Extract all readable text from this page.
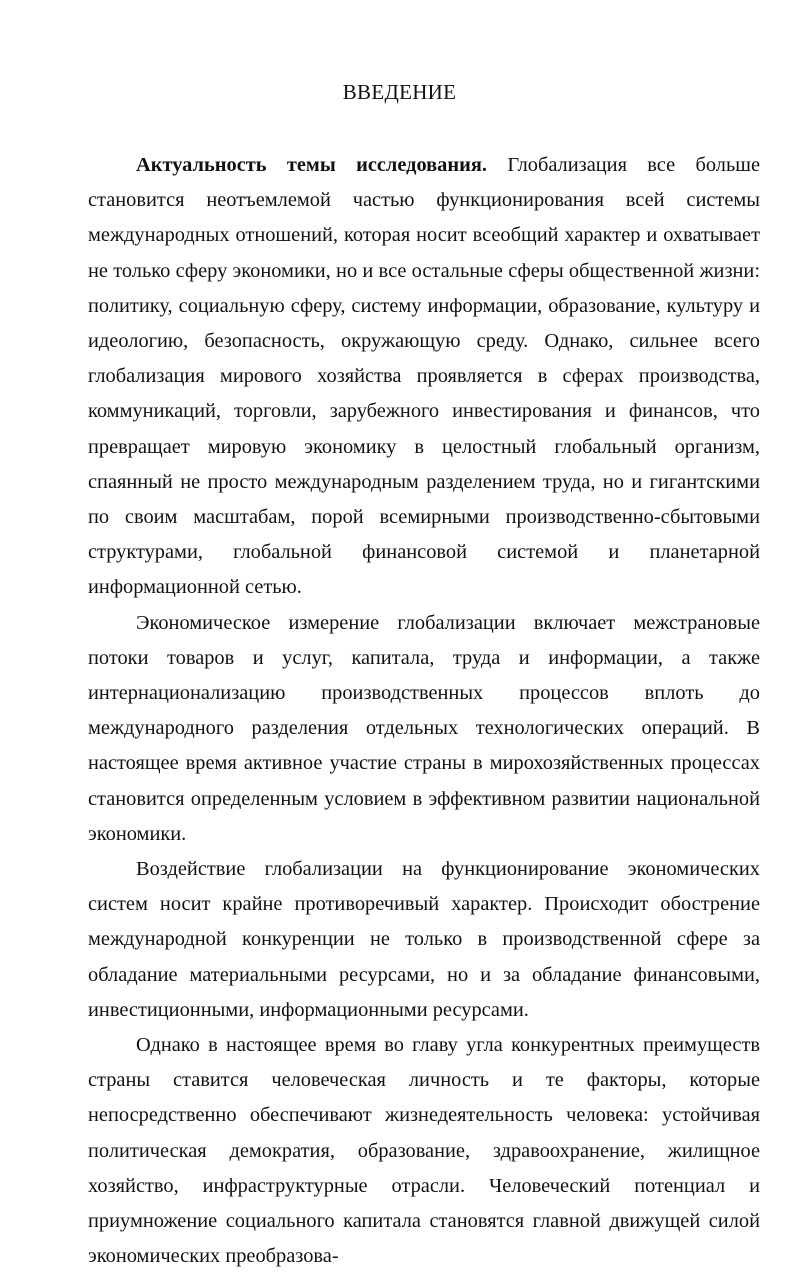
ВВЕДЕНИЕ

Актуальность темы исследования. Глобализация все больше становится неотъемлемой частью функционирования всей системы международных отношений, которая носит всеобщий характер и охватывает не только сферу экономики, но и все остальные сферы общественной жизни: политику, социальную сферу, систему информации, образование, культуру и идеологию, безопасность, окружающую среду. Однако, сильнее всего глобализация мирового хозяйства проявляется в сферах производства, коммуникаций, торговли, зарубежного инвестирования и финансов, что превращает мировую экономику в целостный глобальный организм, спаянный не просто международным разделением труда, но и гигантскими по своим масштабам, порой всемирными производственно-сбытовыми структурами, глобальной финансовой системой и планетарной информационной сетью.

Экономическое измерение глобализации включает межстрановые потоки товаров и услуг, капитала, труда и информации, а также интернационализацию производственных процессов вплоть до международного разделения отдельных технологических операций. В настоящее время активное участие страны в мирохозяйственных процессах становится определенным условием в эффективном развитии национальной экономики.

Воздействие глобализации на функционирование экономических систем носит крайне противоречивый характер. Происходит обострение международной конкуренции не только в производственной сфере за обладание материальными ресурсами, но и за обладание финансовыми, инвестиционными, информационными ресурсами.

Однако в настоящее время во главу угла конкурентных преимуществ страны ставится человеческая личность и те факторы, которые непосредственно обеспечивают жизнедеятельность человека: устойчивая политическая демократия, образование, здравоохранение, жилищное хозяйство, инфраструктурные отрасли. Человеческий потенциал и приумножение социального капитала становятся главной движущей силой экономических преобразова-
